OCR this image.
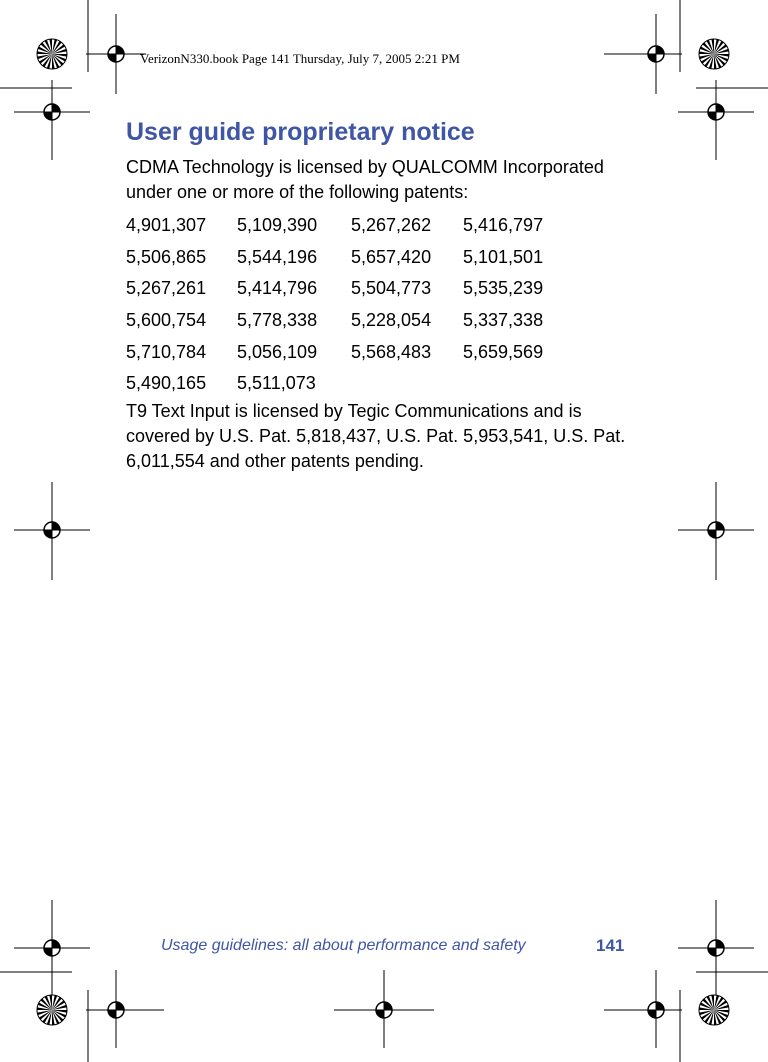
VerizonN330.book Page 141 Thursday, July 7, 2005 2:21 PM
User guide proprietary notice

CDMA Technology is licensed by QUALCOMM Incorporated under one or more of the following patents:

4,901,307	5,109,390	5,267,262	5,416,797
5,506,865	5,544,196	5,657,420	5,101,501
5,267,261	5,414,796	5,504,773	5,535,239
5,600,754	5,778,338	5,228,054	5,337,338
5,710,784	5,056,109	5,568,483	5,659,569
5,490,165	5,511,073

T9 Text Input is licensed by Tegic Communications and is covered by U.S. Pat. 5,818,437, U.S. Pat. 5,953,541, U.S. Pat. 6,011,554 and other patents pending.

Usage guidelines: all about performance and safety	141
